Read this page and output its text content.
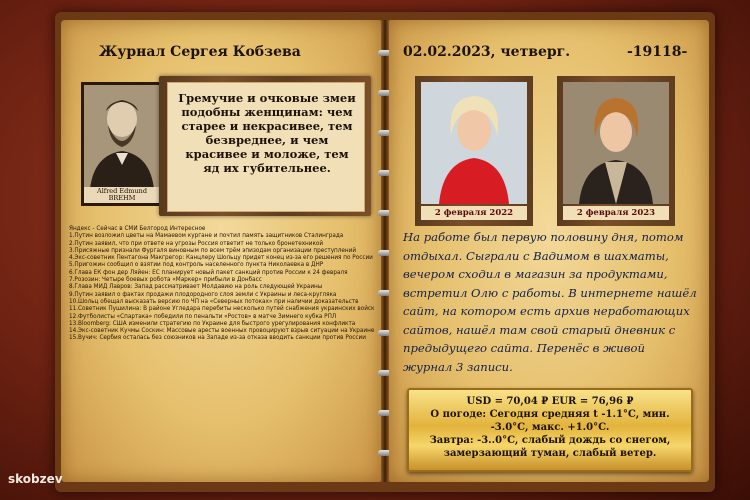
Журнал Сергея Кобзева
Alfred Edmund
BREHM
Гремучие и очковые змеи подобны женщинам: чем старее и некрасивее, тем безвреднее, и чем красивее и моложе, тем яд их губительнее.
Яндекс - Сейчас в СМИ Белгород Интересное
1.Путин возложил цветы на Мамаевом кургане и почтил память защитников Сталинграда
2.Путин заявил, что при ответе на угрозы Россия ответит не только бронетехникой
3.Присяжные признали Фургаля виновным по всем трём эпизодам организации преступлений
4.Экс-советник Пентагона Макгрегор: Канцлеру Шольцу придет конец из-за его решения по России
5.Пригожин сообщил о взятии под контроль населенного пункта Николаевка в ДНР
6.Глава ЕК фон дер Ляйен: ЕС планирует новый пакет санкций против России к 24 февраля
7.Розозин: Четыре боевых робота «Маркер» прибыли в Донбасс
8.Глава МИД Лавров: Запад рассматривает Молдавию на роль следующей Украины
9.Путин заявил о фактах продажи плодородного слоя земли с Украины и леса-кругляка
10.Шольц обещал высказать версию по ЧП на «Северных потоках» при наличии доказательств
11.Советник Пушилина: В районе Угледара перебиты несколько путей снабжения украинских войск
12.Футболисты «Спартака» победили по пенальти «Ростов» в матче Зимнего кубка РПЛ
13.Bloomberg: США изменили стратегию по Украине для быстрого урегулирования конфликта
14.Экс-советник Кучмы Соскин: Массовые аресты военных провоцируют взрыв ситуации на Украине
15.Вучич: Сербия осталась без союзников на Западе из-за отказа вводить санкции против России
02.02.2023, четверг.	-19118-
2 февраля 2022	2 февраля 2023
На работе был первую половину дня, потом отдыхал. Сыграли с Вадимом в шахматы, вечером сходил в магазин за продуктами, встретил Олю с работы. В интернете нашёл сайт, на котором есть архив неработающих сайтов, нашёл там свой старый дневник с предыдущего сайта. Перенёс в живой журнал 3 записи.
USD = 70,04 ₽ EUR = 76,96 ₽
О погоде: Сегодня средняя t -1.1°C, мин.
-3.0°C, макс. +1.0°C.
Завтра: -3..0°C, слабый дождь со снегом,
замерзающий туман, слабый ветер.
skobzev
